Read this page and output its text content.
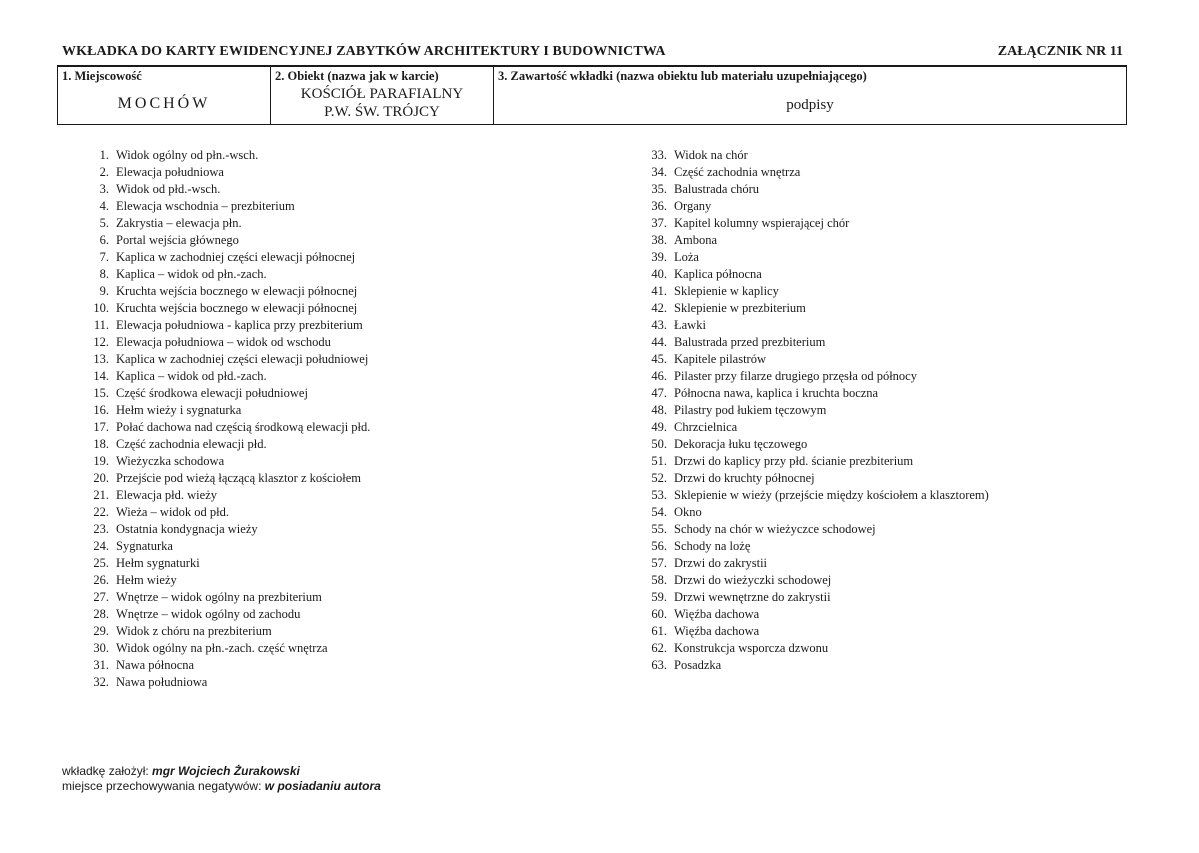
WKŁADKA DO KARTY EWIDENCYJNEJ ZABYTKÓW ARCHITEKTURY I BUDOWNICTWA	ZAŁĄCZNIK NR 11
1. Miejscowość
MOCHÓW
2. Obiekt (nazwa jak w karcie)
KOŚCIÓŁ PARAFIALNY
P.W. ŚW. TRÓJCY
3. Zawartość wkładki (nazwa obiektu lub materiału uzupełniającego)
podpisy
1. Widok ogólny od płn.-wsch.
2. Elewacja południowa
3. Widok od płd.-wsch.
4. Elewacja wschodnia – prezbiterium
5. Zakrystia – elewacja płn.
6. Portal wejścia głównego
7. Kaplica w zachodniej części elewacji północnej
8. Kaplica – widok od płn.-zach.
9. Kruchta wejścia bocznego w elewacji północnej
10. Kruchta wejścia bocznego w elewacji północnej
11. Elewacja południowa - kaplica przy prezbiterium
12. Elewacja południowa – widok od wschodu
13. Kaplica w zachodniej części elewacji południowej
14. Kaplica – widok od płd.-zach.
15. Część środkowa elewacji południowej
16. Hełm wieży i sygnaturka
17. Połać dachowa nad częścią środkową elewacji płd.
18. Część zachodnia elewacji płd.
19. Wieżyczka schodowa
20. Przejście pod wieżą łączącą klasztor z kościołem
21. Elewacja płd. wieży
22. Wieża – widok od płd.
23. Ostatnia kondygnacja wieży
24. Sygnaturka
25. Hełm sygnaturki
26. Hełm wieży
27. Wnętrze – widok ogólny na prezbiterium
28. Wnętrze – widok ogólny od zachodu
29. Widok z chóru na prezbiterium
30. Widok ogólny na płn.-zach. część wnętrza
31. Nawa północna
32. Nawa południowa
33. Widok na chór
34. Część zachodnia wnętrza
35. Balustrada chóru
36. Organy
37. Kapitel kolumny wspierającej chór
38. Ambona
39. Loża
40. Kaplica północna
41. Sklepienie w kaplicy
42. Sklepienie w prezbiterium
43. Ławki
44. Balustrada przed prezbiterium
45. Kapitele pilastrów
46. Pilaster przy filarze drugiego przęsła od północy
47. Północna nawa, kaplica i kruchta boczna
48. Pilastry pod łukiem tęczowym
49. Chrzcielnica
50. Dekoracja łuku tęczowego
51. Drzwi do kaplicy przy płd. ścianie prezbiterium
52. Drzwi do kruchty północnej
53. Sklepienie w wieży (przejście między kościołem a klasztorem)
54. Okno
55. Schody na chór w wieżyczce schodowej
56. Schody na lożę
57. Drzwi do zakrystii
58. Drzwi do wieżyczki schodowej
59. Drzwi wewnętrzne do zakrystii
60. Więźba dachowa
61. Więźba dachowa
62. Konstrukcja wsporcza dzwonu
63. Posadzka
wkładkę założył: mgr Wojciech Żurakowski
miejsce przechowywania negatywów: w posiadaniu autora
